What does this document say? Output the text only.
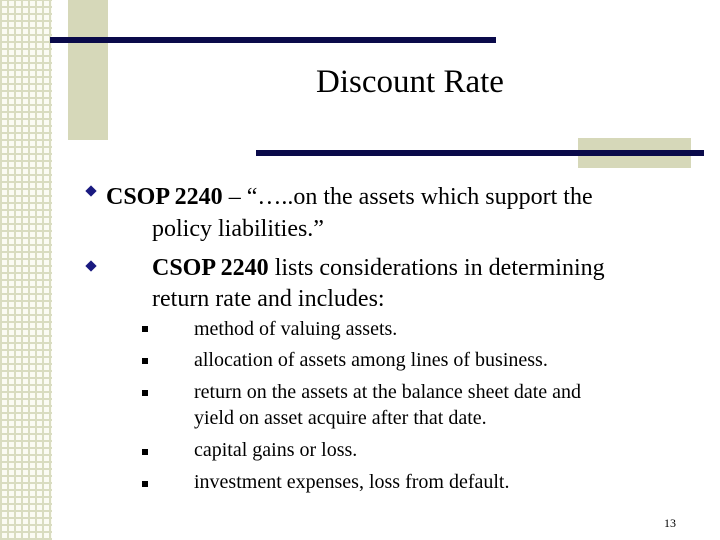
Discount Rate
CSOP 2240 – “…..on the assets which support the
policy liabilities.”
CSOP 2240 lists considerations in determining
return rate and includes:
method of valuing assets.
allocation of assets among lines of business.
return on the assets at the balance sheet date and
yield on asset acquire after that date.
capital gains or loss.
investment expenses, loss from default.
13
